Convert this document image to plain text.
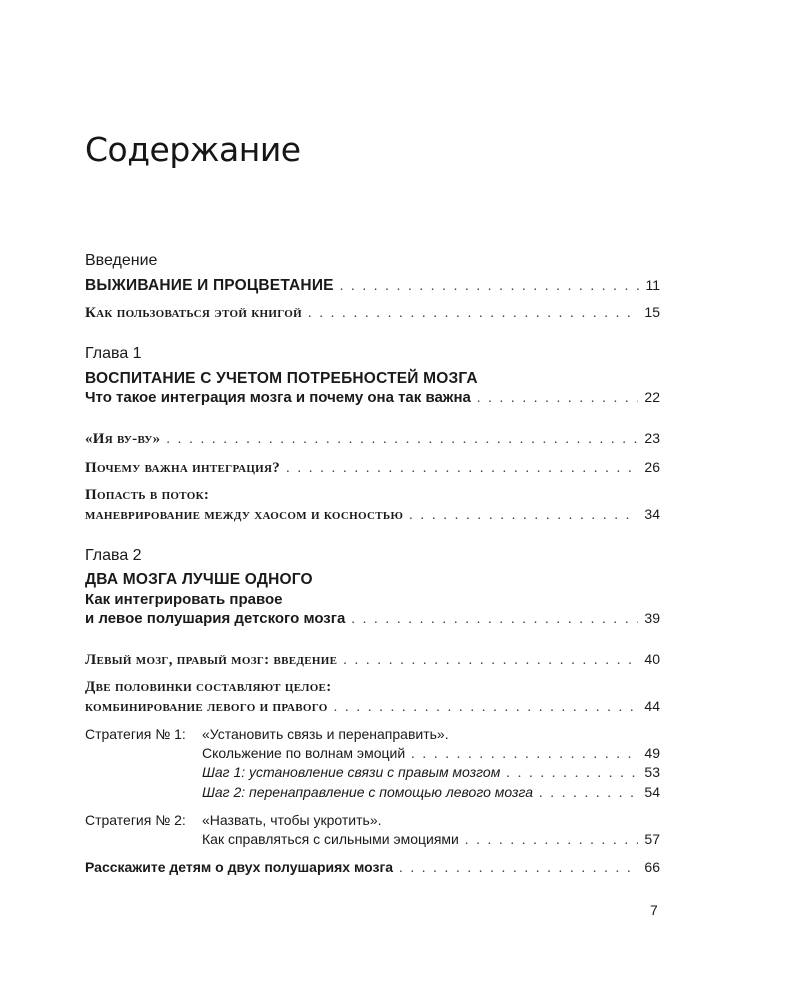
Содержание
Введение
ВЫЖИВАНИЕ И ПРОЦВЕТАНИЕ . . .	11
Как пользоваться этой книгой . . .	15
Глава 1
ВОСПИТАНИЕ С УЧЕТОМ ПОТРЕБНОСТЕЙ МОЗГА
Что такое интеграция мозга и почему она так важна . . .	22
«Ия ву-ву» . . .	23
Почему важна интеграция? . . .	26
Попасть в поток:
маневрирование между хаосом и косностью . . .	34
Глава 2
ДВА МОЗГА ЛУЧШЕ ОДНОГО
Как интегрировать правое
и левое полушария детского мозга . . .	39
Левый мозг, правый мозг: введение . . .	40
Две половинки составляют целое:
комбинирование левого и правого . . .	44
Стратегия № 1: «Установить связь и перенаправить».
Скольжение по волнам эмоций . . .	49
Шаг 1: установление связи с правым мозгом . . .	53
Шаг 2: перенаправление с помощью левого мозга . . .	54
Стратегия № 2: «Назвать, чтобы укротить».
Как справляться с сильными эмоциями . . .	57
Расскажите детям о двух полушариях мозга . . .	66
7
